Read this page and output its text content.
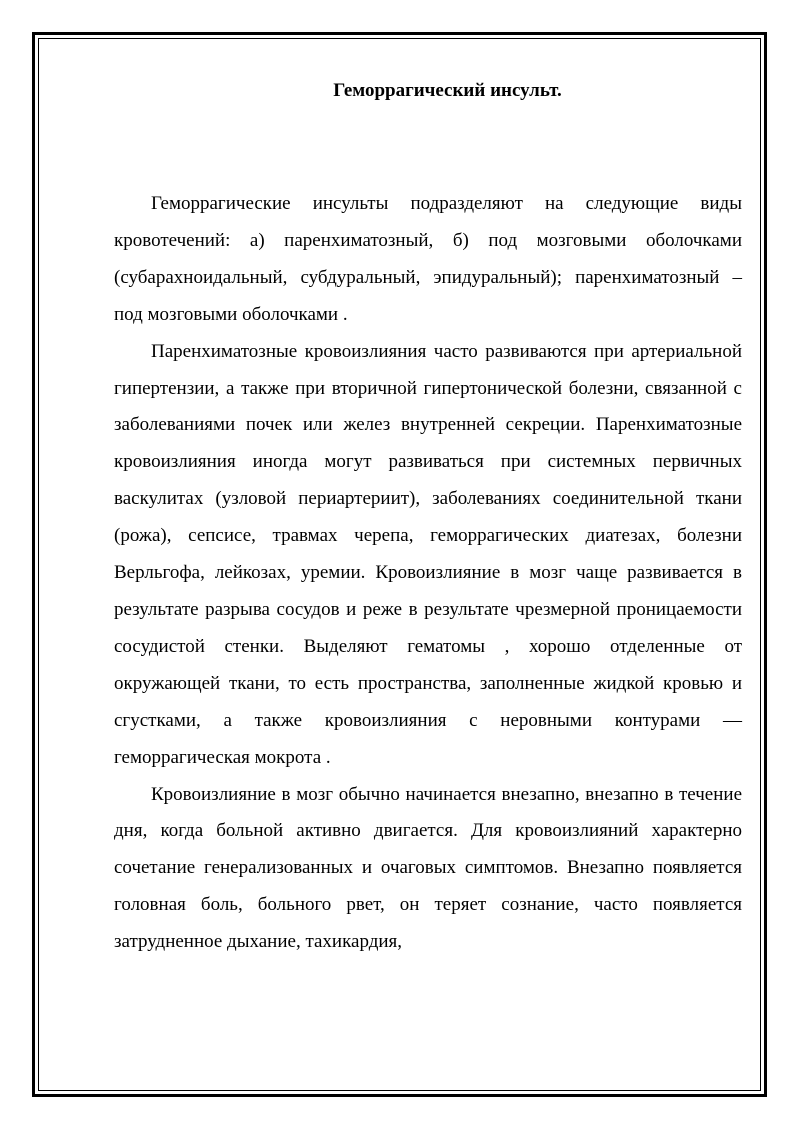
Геморрагический инсульт.

Геморрагические инсульты подразделяют на следующие виды кровотечений: а) паренхиматозный, б) под мозговыми оболочками (субарахноидальный, субдуральный, эпидуральный); паренхиматозный – под мозговыми оболочками .

Паренхиматозные кровоизлияния часто развиваются при артериальной гипертензии, а также при вторичной гипертонической болезни, связанной с заболеваниями почек или желез внутренней секреции. Паренхиматозные кровоизлияния иногда могут развиваться при системных первичных васкулитах (узловой периартериит), заболеваниях соединительной ткани (рожа), сепсисе, травмах черепа, геморрагических диатезах, болезни Верльгофа, лейкозах, уремии. Кровоизлияние в мозг чаще развивается в результате разрыва сосудов и реже в результате чрезмерной проницаемости сосудистой стенки. Выделяют гематомы , хорошо отделенные от окружающей ткани, то есть пространства, заполненные жидкой кровью и сгустками, а также кровоизлияния с неровными контурами — геморрагическая мокрота .

Кровоизлияние в мозг обычно начинается внезапно, внезапно в течение дня, когда больной активно двигается. Для кровоизлияний характерно сочетание генерализованных и очаговых симптомов. Внезапно появляется головная боль, больного рвет, он теряет сознание, часто появляется затрудненное дыхание, тахикардия,
